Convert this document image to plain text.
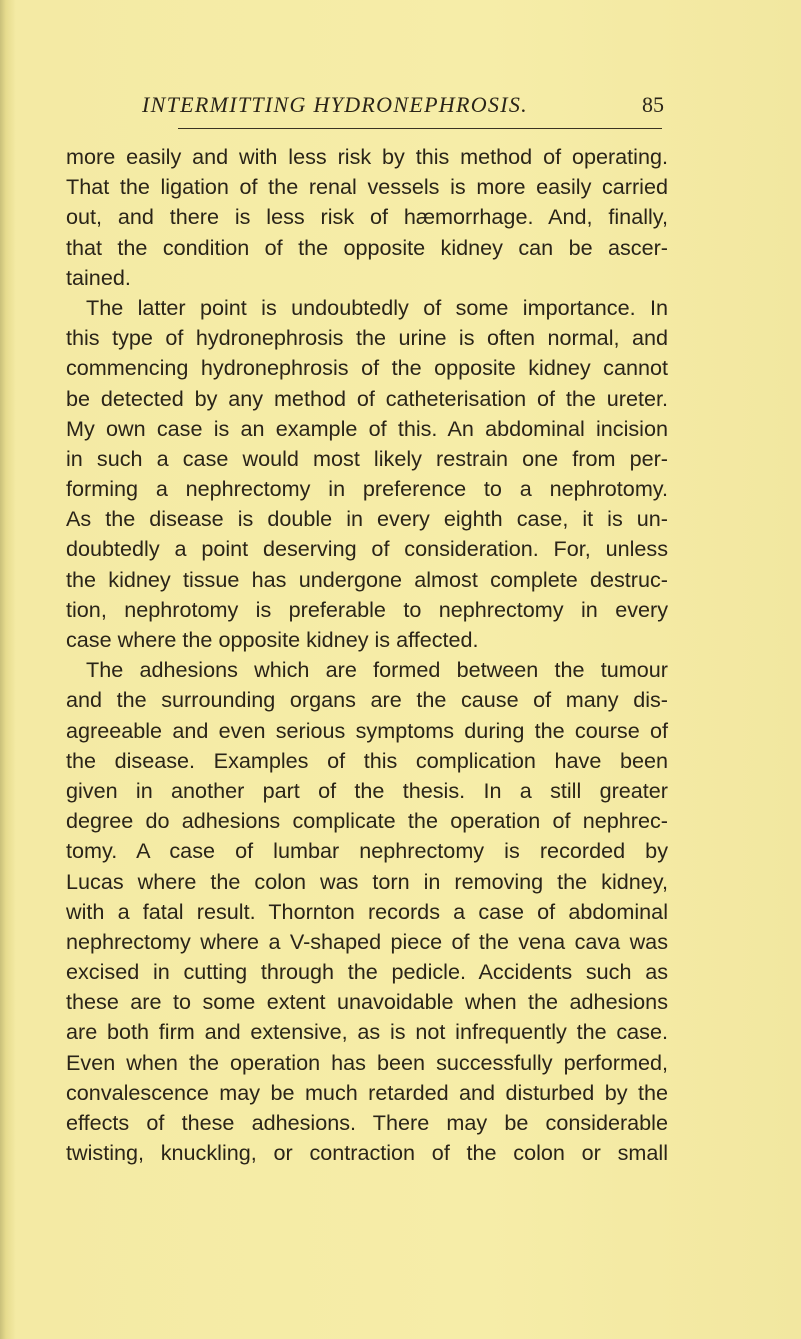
INTERMITTING HYDRONEPHROSIS.	85
more easily and with less risk by this method of operating.
That the ligation of the renal vessels is more easily carried
out, and there is less risk of hæmorrhage. And, finally,
that the condition of the opposite kidney can be ascer-
tained.
The latter point is undoubtedly of some importance. In
this type of hydronephrosis the urine is often normal, and
commencing hydronephrosis of the opposite kidney cannot
be detected by any method of catheterisation of the ureter.
My own case is an example of this. An abdominal incision
in such a case would most likely restrain one from per-
forming a nephrectomy in preference to a nephrotomy.
As the disease is double in every eighth case, it is un-
doubtedly a point deserving of consideration. For, unless
the kidney tissue has undergone almost complete destruc-
tion, nephrotomy is preferable to nephrectomy in every
case where the opposite kidney is affected.
The adhesions which are formed between the tumour
and the surrounding organs are the cause of many dis-
agreeable and even serious symptoms during the course of
the disease. Examples of this complication have been
given in another part of the thesis. In a still greater
degree do adhesions complicate the operation of nephrec-
tomy. A case of lumbar nephrectomy is recorded by
Lucas where the colon was torn in removing the kidney,
with a fatal result. Thornton records a case of abdominal
nephrectomy where a V-shaped piece of the vena cava was
excised in cutting through the pedicle. Accidents such as
these are to some extent unavoidable when the adhesions
are both firm and extensive, as is not infrequently the case.
Even when the operation has been successfully performed,
convalescence may be much retarded and disturbed by the
effects of these adhesions. There may be considerable
twisting, knuckling, or contraction of the colon or small
